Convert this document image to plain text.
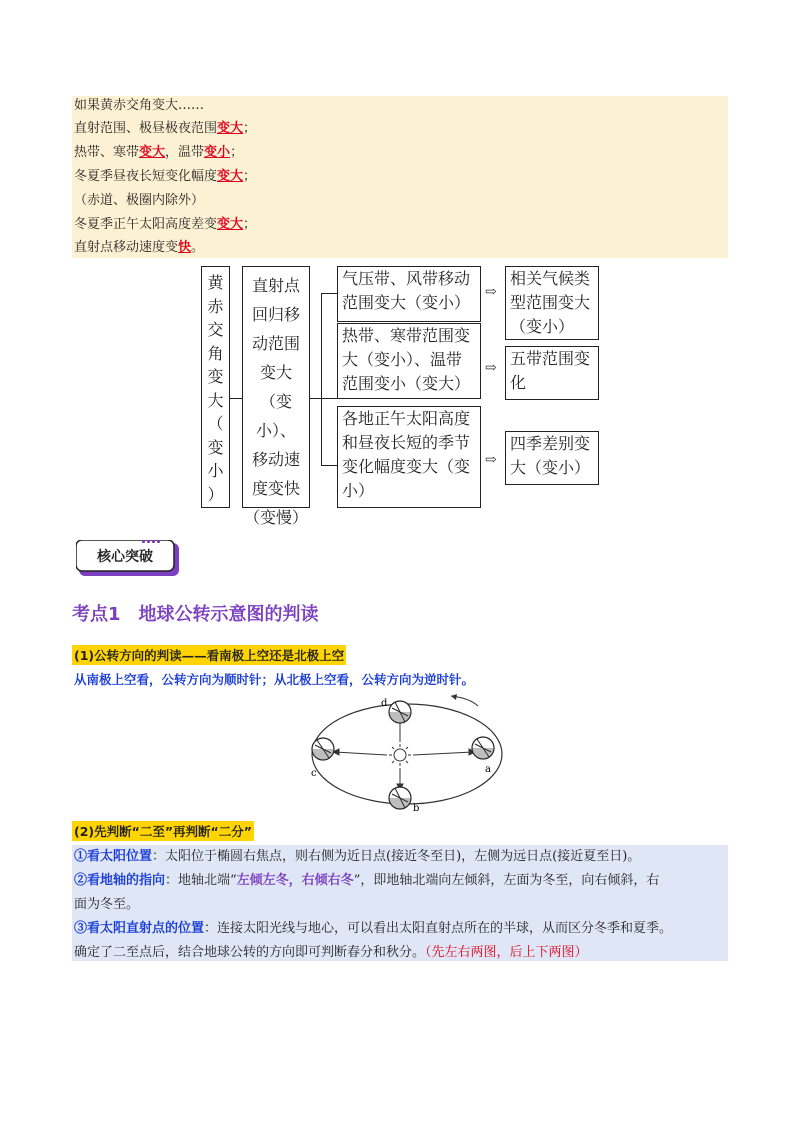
如果黄赤交角变大……
直射范围、极昼极夜范围变大；
热带、寒带变大，温带变小；
冬夏季昼夜长短变化幅度变大；
（赤道、极圈内除外）
冬夏季正午太阳高度差变变大；
直射点移动速度变快。
黄
赤
交
角
变
大
（
变
小
）
直射点
回归移
动范围
变大
（变小）、
移动速
度变快
（变慢）
气压带、风带移动范围变大（变小）
热带、寒带范围变大（变小）、温带范围变小（变大）
各地正午太阳高度和昼夜长短的季节变化幅度变大（变小）
⇨
⇨
⇨
相关气候类型范围变大（变小）
五带范围变化
四季差别变大（变小）
核心突破
考点1　地球公转示意图的判读
(1)公转方向的判读——看南极上空还是北极上空
从南极上空看，公转方向为顺时针；从北极上空看，公转方向为逆时针。
a
b
c
d
(2)先判断“二至”再判断“二分”
①看太阳位置：太阳位于椭圆右焦点，则右侧为近日点(接近冬至日)，左侧为远日点(接近夏至日)。
②看地轴的指向：地轴北端“左倾左冬，右倾右冬”，即地轴北端向左倾斜，左面为冬至，向右倾斜，右
面为冬至。
③看太阳直射点的位置：连接太阳光线与地心，可以看出太阳直射点所在的半球，从而区分冬季和夏季。
确定了二至点后，结合地球公转的方向即可判断春分和秋分。（先左右两图，后上下两图）
